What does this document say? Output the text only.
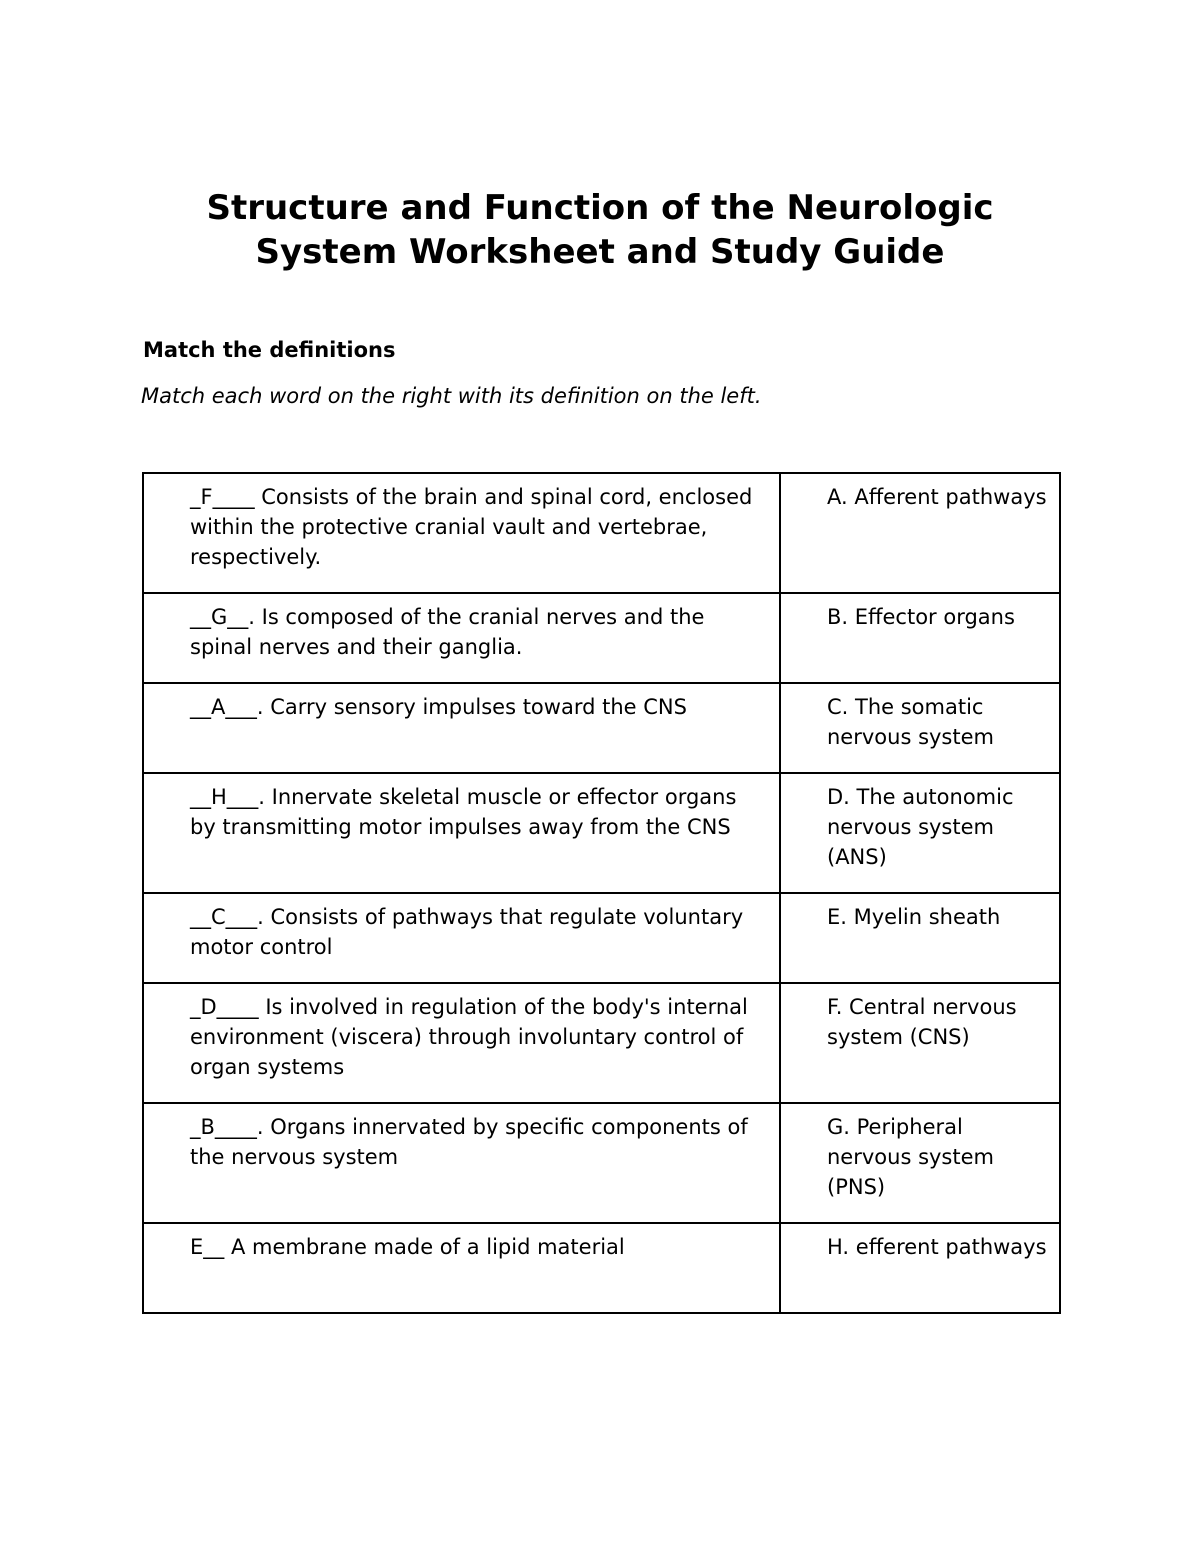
Structure and Function of the Neurologic
System Worksheet and Study Guide

Match the definitions

Match each word on the right with its definition on the left.

_F____ Consists of the brain and spinal cord, enclosed within the protective cranial vault and vertebrae, respectively.	A. Afferent pathways
__G__. Is composed of the cranial nerves and the spinal nerves and their ganglia.	B. Effector organs
__A___. Carry sensory impulses toward the CNS	C. The somatic nervous system
__H___. Innervate skeletal muscle or effector organs by transmitting motor impulses away from the CNS	D. The autonomic nervous system (ANS)
__C___. Consists of pathways that regulate voluntary motor control	E. Myelin sheath
_D____ Is involved in regulation of the body's internal environment (viscera) through involuntary control of organ systems	F. Central nervous system (CNS)
_B____. Organs innervated by specific components of the nervous system	G. Peripheral nervous system (PNS)
E__ A membrane made of a lipid material	H. efferent pathways
